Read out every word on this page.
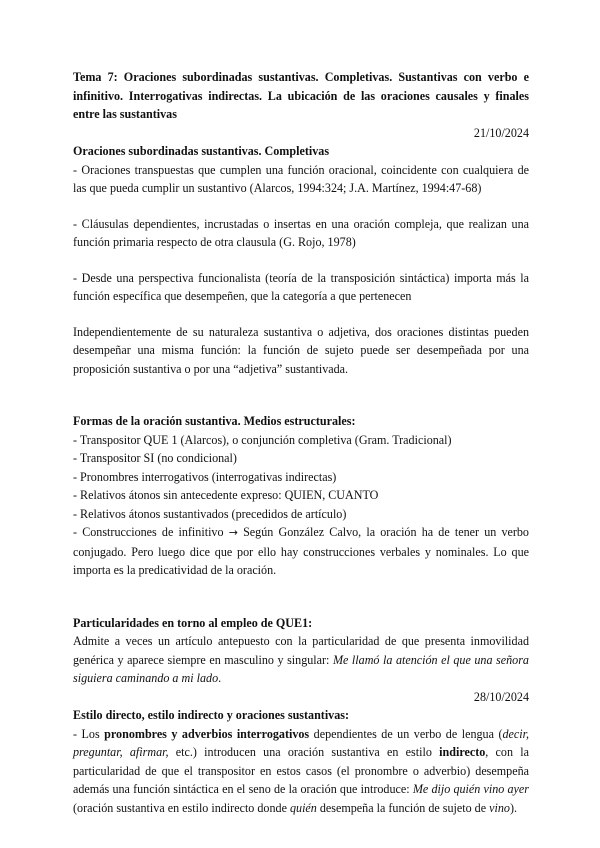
Tema 7: Oraciones subordinadas sustantivas. Completivas. Sustantivas con verbo e infinitivo. Interrogativas indirectas. La ubicación de las oraciones causales y finales entre las sustantivas

21/10/2024

Oraciones subordinadas sustantivas. Completivas

- Oraciones transpuestas que cumplen una función oracional, coincidente con cualquiera de las que pueda cumplir un sustantivo (Alarcos, 1994:324; J.A. Martínez, 1994:47-68)

- Cláusulas dependientes, incrustadas o insertas en una oración compleja, que realizan una función primaria respecto de otra clausula (G. Rojo, 1978)

- Desde una perspectiva funcionalista (teoría de la transposición sintáctica) importa más la función específica que desempeñen, que la categoría a que pertenecen

Independientemente de su naturaleza sustantiva o adjetiva, dos oraciones distintas pueden desempeñar una misma función: la función de sujeto puede ser desempeñada por una proposición sustantiva o por una “adjetiva” sustantivada.

Formas de la oración sustantiva. Medios estructurales:

- Transpositor QUE 1 (Alarcos), o conjunción completiva (Gram. Tradicional)

- Transpositor SI (no condicional)

- Pronombres interrogativos (interrogativas indirectas)

- Relativos átonos sin antecedente expreso: QUIEN, CUANTO

- Relativos átonos sustantivados (precedidos de artículo)

- Construcciones de infinitivo → Según González Calvo, la oración ha de tener un verbo conjugado. Pero luego dice que por ello hay construcciones verbales y nominales. Lo que importa es la predicatividad de la oración.

Particularidades en torno al empleo de QUE1:

Admite a veces un artículo antepuesto con la particularidad de que presenta inmovilidad genérica y aparece siempre en masculino y singular: Me llamó la atención el que una señora siguiera caminando a mi lado.

28/10/2024

Estilo directo, estilo indirecto y oraciones sustantivas:

- Los pronombres y adverbios interrogativos dependientes de un verbo de lengua (decir, preguntar, afirmar, etc.) introducen una oración sustantiva en estilo indirecto, con la particularidad de que el transpositor en estos casos (el pronombre o adverbio) desempeña además una función sintáctica en el seno de la oración que introduce: Me dijo quién vino ayer (oración sustantiva en estilo indirecto donde quién desempeña la función de sujeto de vino).
